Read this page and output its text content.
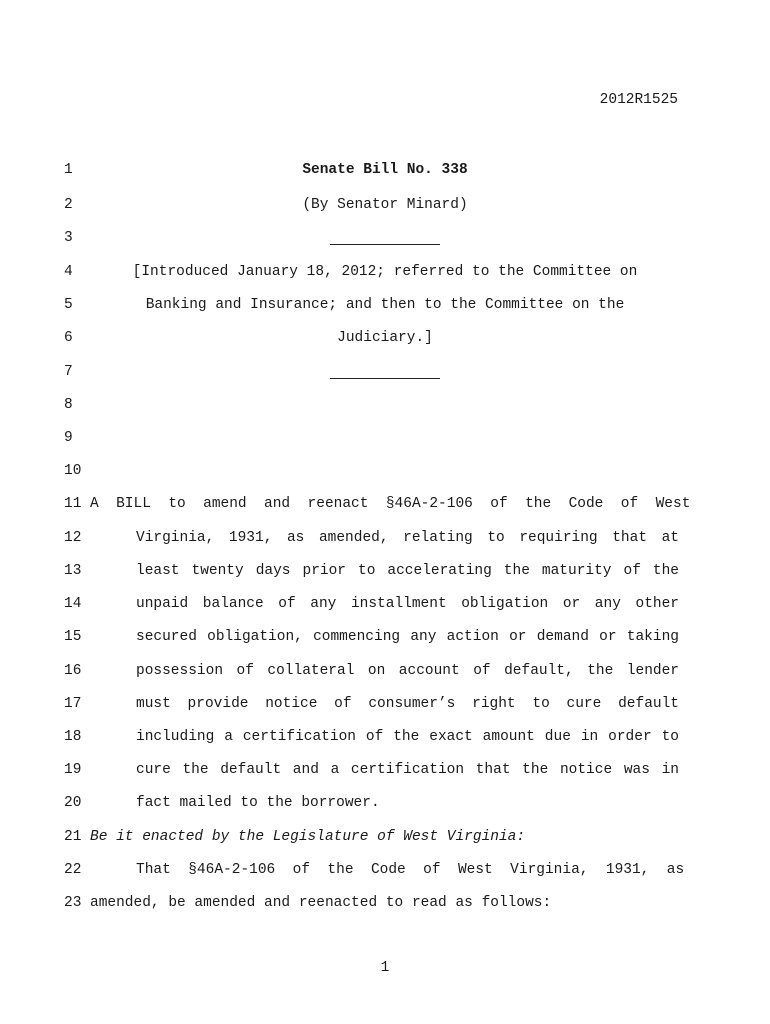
2012R1525
1
2
3
4
5
6
7
8
9
10
11
12
13
14
15
16
17
18
19
20
21
22
23
Senate Bill No. 338
(By Senator Minard)
[Introduced January 18, 2012; referred to the Committee on
Banking and Insurance; and then to the Committee on the
Judiciary.]
A  BILL  to  amend  and  reenact  §46A-2-106  of  the  Code  of  West
Virginia, 1931, as amended, relating to requiring that at
least twenty days prior to accelerating the maturity of the
unpaid balance of any installment obligation or any other
secured obligation, commencing any action or demand or taking
possession of collateral on account of default, the lender
must provide notice of consumer’s right to cure default
including a certification of the exact amount due in order to
cure the default and a certification that the notice was in
fact mailed to the borrower.
Be it enacted by the Legislature of West Virginia:
That  §46A-2-106  of  the  Code  of  West  Virginia,  1931,  as
amended, be amended and reenacted to read as follows:
1
